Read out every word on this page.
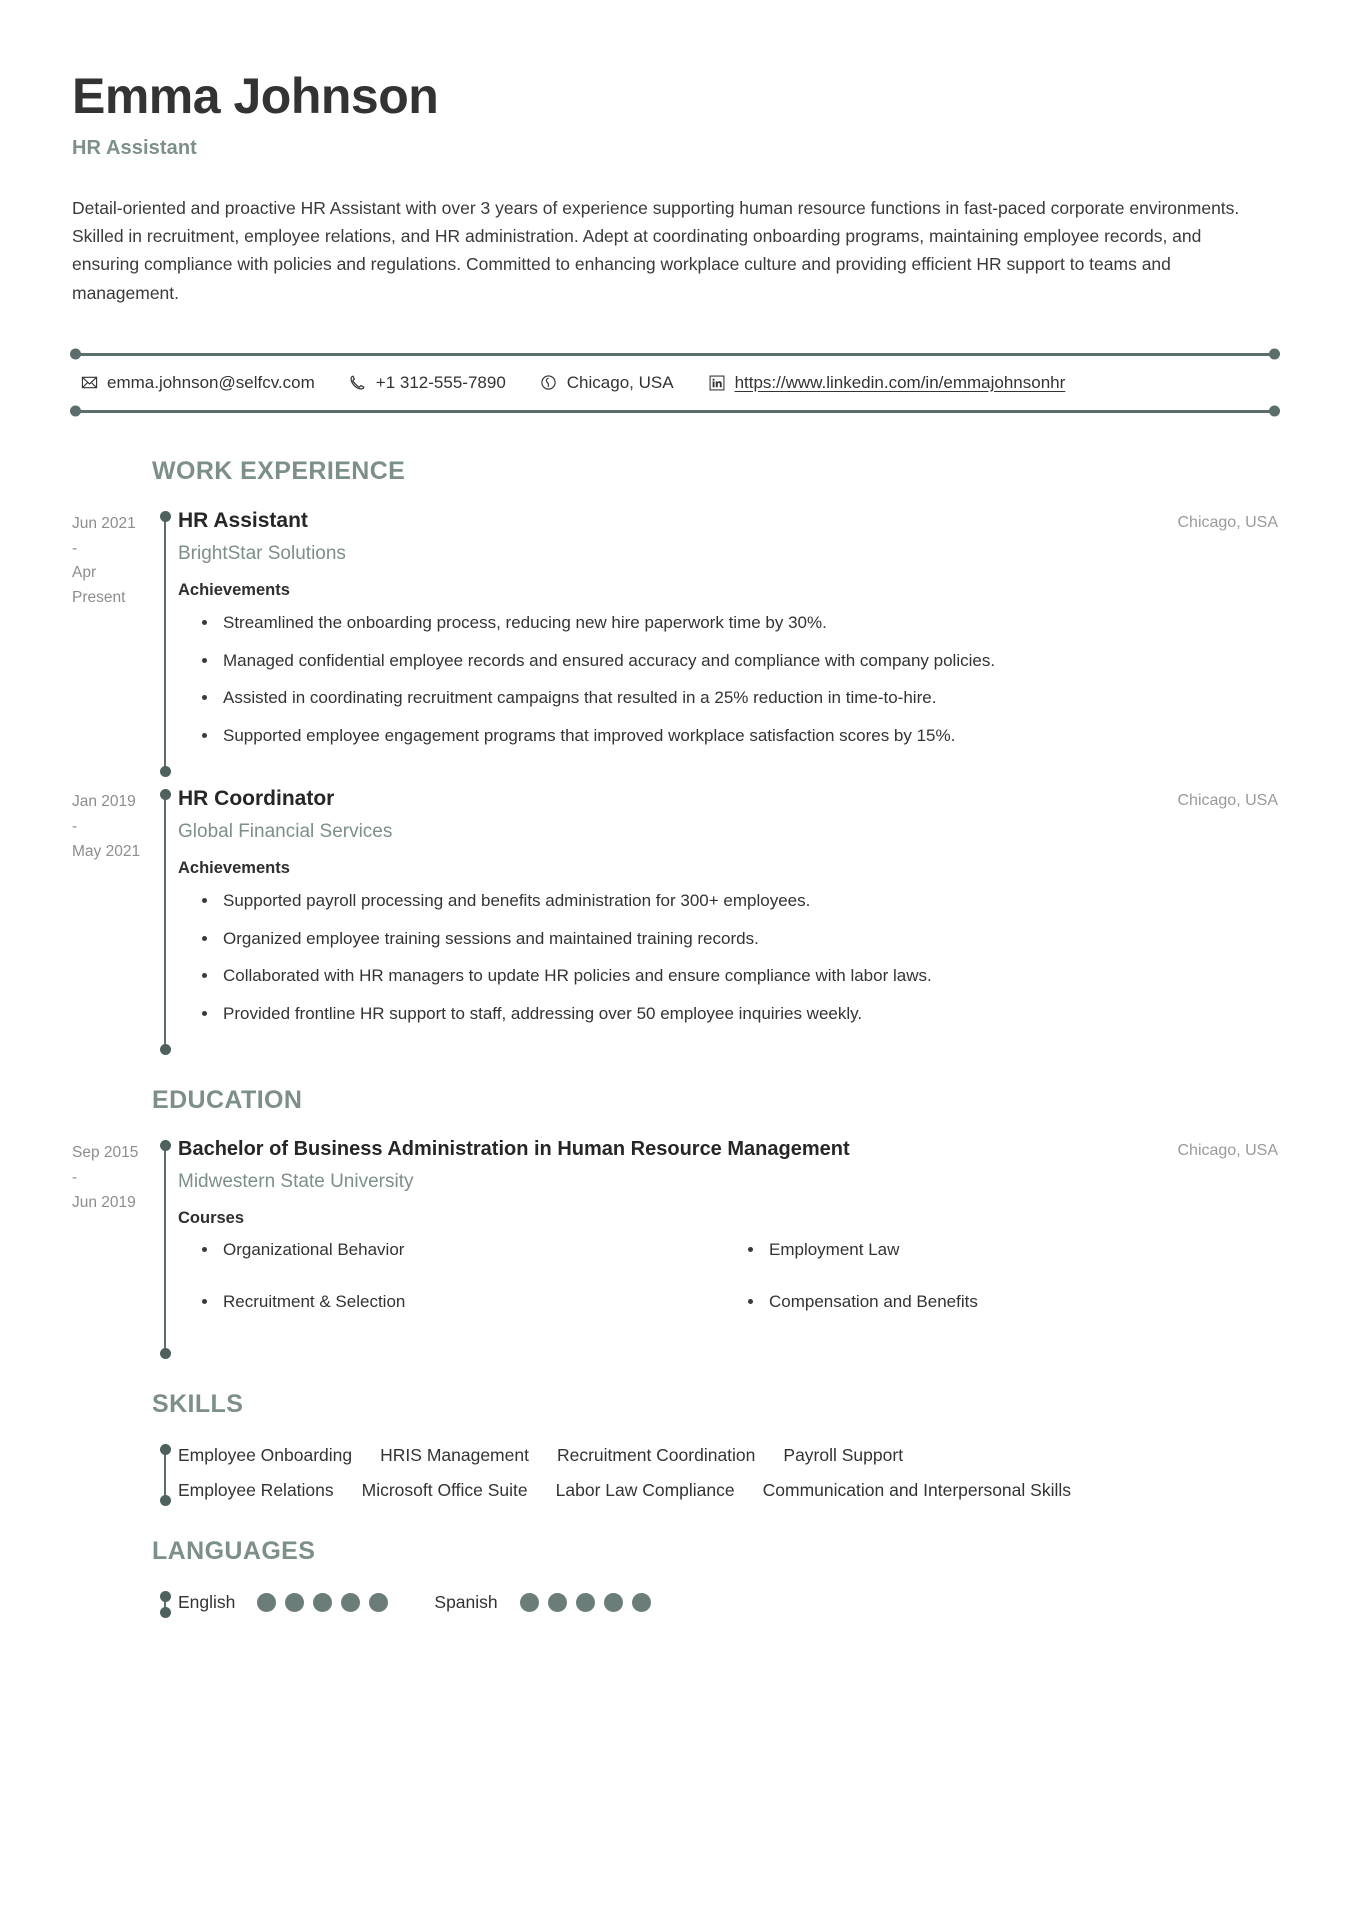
Emma Johnson
HR Assistant

Detail-oriented and proactive HR Assistant with over 3 years of experience supporting human resource functions in fast-paced corporate environments. Skilled in recruitment, employee relations, and HR administration. Adept at coordinating onboarding programs, maintaining employee records, and ensuring compliance with policies and regulations. Committed to enhancing workplace culture and providing efficient HR support to teams and management.

emma.johnson@selfcv.com	+1 312-555-7890	Chicago, USA	https://www.linkedin.com/in/emmajohnsonhr
WORK EXPERIENCE
Jun 2021
-
Apr
Present
HR Assistant	Chicago, USA
BrightStar Solutions
Achievements
Streamlined the onboarding process, reducing new hire paperwork time by 30%.
Managed confidential employee records and ensured accuracy and compliance with company policies.
Assisted in coordinating recruitment campaigns that resulted in a 25% reduction in time-to-hire.
Supported employee engagement programs that improved workplace satisfaction scores by 15%.
Jan 2019
-
May 2021
HR Coordinator	Chicago, USA
Global Financial Services
Achievements
Supported payroll processing and benefits administration for 300+ employees.
Organized employee training sessions and maintained training records.
Collaborated with HR managers to update HR policies and ensure compliance with labor laws.
Provided frontline HR support to staff, addressing over 50 employee inquiries weekly.
EDUCATION
Sep 2015
-
Jun 2019
Bachelor of Business Administration in Human Resource Management	Chicago, USA
Midwestern State University
Courses
Organizational Behavior	Employment Law
Recruitment & Selection	Compensation and Benefits
SKILLS
Employee Onboarding HRIS Management Recruitment Coordination Payroll Support
Employee Relations Microsoft Office Suite Labor Law Compliance Communication and Interpersonal Skills
LANGUAGES
English	Spanish
